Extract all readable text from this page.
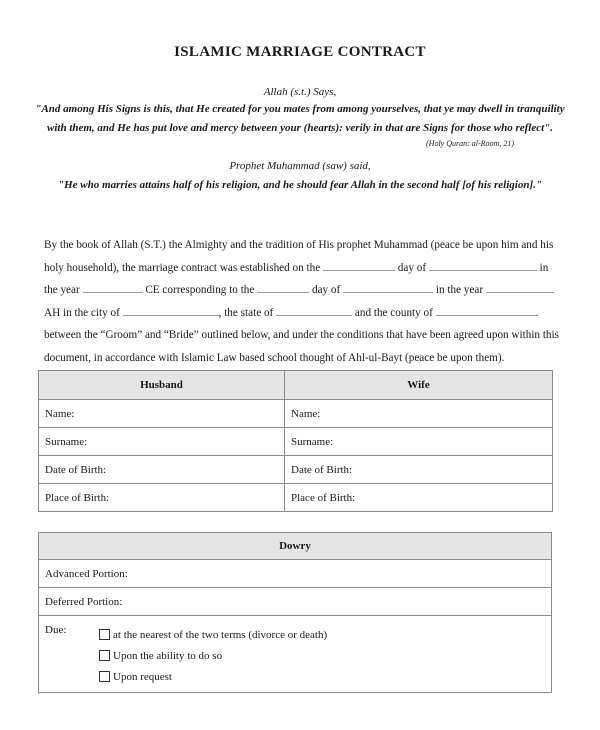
ISLAMIC MARRIAGE CONTRACT
Allah (s.t.) Says,
"And among His Signs is this, that He created for you mates from among yourselves, that ye may dwell in tranquility
with them, and He has put love and mercy between your (hearts): verily in that are Signs for those who reflect".
(Holy Quran: al-Room, 21)
Prophet Muhammad (saw) said,
"He who marries attains half of his religion, and he should fear Allah in the second half [of his religion]."

By the book of Allah (S.T.) the Almighty and the tradition of His prophet Muhammad (peace be upon him and his holy household), the marriage contract was established on the	day of	in the year	CE corresponding to the	day of	in the year  AH in the city of	, the state of	and the county of	. between the “Groom” and “Bride” outlined below, and under the conditions that have been agreed upon within this document, in accordance with Islamic Law based school thought of Ahl-ul-Bayt (peace be upon them).

Husband	Wife
Name:	Name:
Surname:	Surname:
Date of Birth:	Date of Birth:
Place of Birth:	Place of Birth:
Dowry
Advanced Portion:
Deferred Portion:

Due:	at the nearest of the two terms (divorce or death)
Upon the ability to do so
Upon request
